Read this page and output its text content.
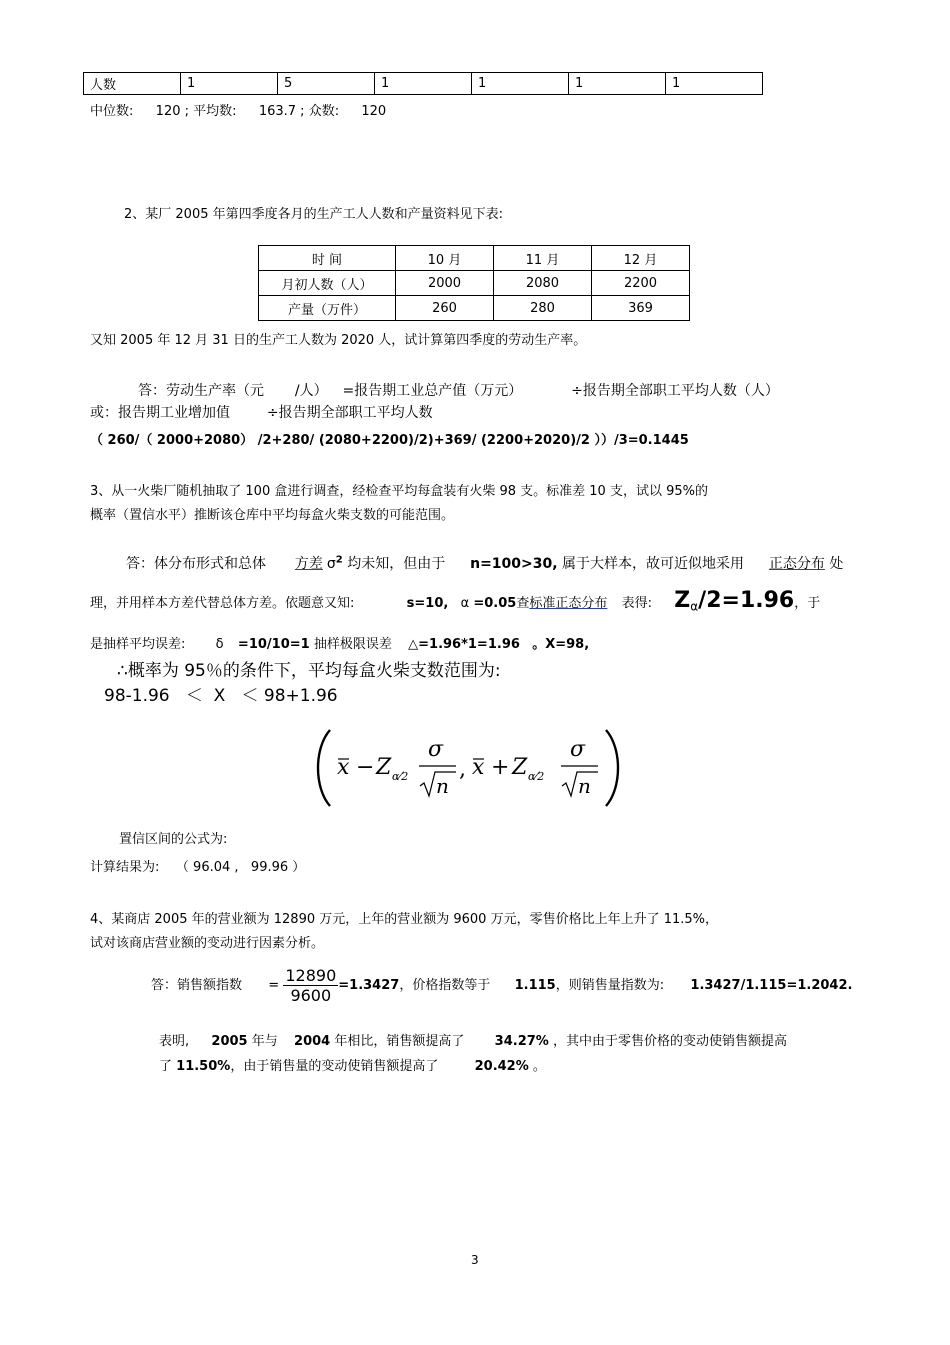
人数	1	5	1	1	1	1
中位数: 120 ; 平均数: 163.7 ; 众数: 120
2、某厂 2005 年第四季度各月的生产工人人数和产量资料见下表:
时 间	10 月	11 月	12 月
月初人数（人）	2000	2080	2200
产量（万件）	260	280	369
又知 2005 年 12 月 31 日的生产工人数为 2020 人，试计算第四季度的劳动生产率。
答：劳动生产率（元 /人） =报告期工业总产值（万元）	÷报告期全部职工平均人数（人）
或：报告期工业增加值	÷报告期全部职工平均人数
（ 260/（ 2000+2080） /2+280/ (2080+2200)/2)+369/ (2200+2020)/2 ））/3=0.1445
3、从一火柴厂随机抽取了 100 盒进行调查，经检查平均每盒装有火柴 98 支。标准差 10 支，试以 95%的
概率（置信水平）推断该仓库中平均每盒火柴支数的可能范围。
答：体分布形式和总体 方差 $\sigma^2$ 均未知，但由于 n=100>30, 属于大样本，故可近似地采用 正态分布 处
理，并用样本方差代替总体方差。依题意又知:	s=10, α =0.05查标准正态分布 表得: $Z_\alpha/2=1.96$，于
是抽样平均误差: δ =10/10=1 抽样极限误差 △=1.96*1=1.96 。X=98,
∴概率为 95％的条件下，平均每盒火柴支数范围为:
98-1.96   ＜  X   ＜ 98+1.96
x − Z α⁄2
σ
n
, x + Z α⁄2
σ
n
置信区间的公式为:
计算结果为:    （ 96.04 ,   99.96 ）
4、某商店 2005 年的营业额为 12890 万元，上年的营业额为 9600 万元，零售价格比上年上升了 11.5%，
试对该商店营业额的变动进行因素分析。
答：销售额指数 = $\frac{12890}{9600} =1.3427$，价格指数等于 1.115，则销售量指数为: 1.3427/1.115=1.2042.
表明, 2005 年与 2004 年相比，销售额提高了 34.27% ，其中由于零售价格的变动使销售额提高
了 11.50%，由于销售量的变动使销售额提高了	20.42% 。
3
